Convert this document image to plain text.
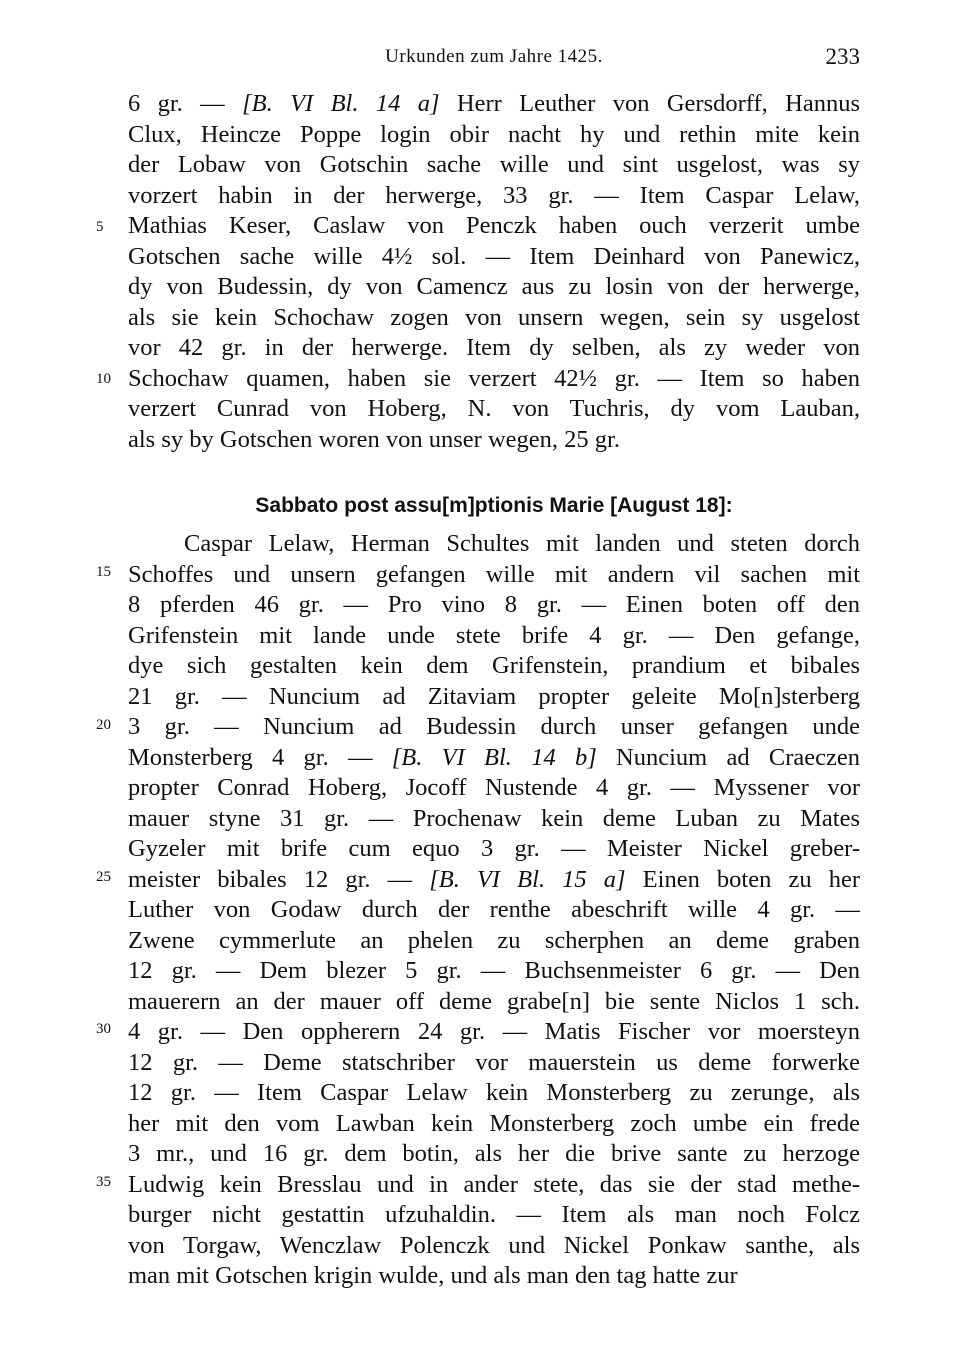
Urkunden zum Jahre 1425.	233
6 gr. — [B. VI Bl. 14 a] Herr Leuther von Gersdorff, Hannus
Clux, Heincze Poppe login obir nacht hy und rethin mite kein
der Lobaw von Gotschin sache wille und sint usgelost, was sy
vorzert habin in der herwerge, 33 gr. — Item Caspar Lelaw,
Mathias Keser, Caslaw von Penczk haben ouch verzerit umbe
Gotschen sache wille 4½ sol. — Item Deinhard von Panewicz,
dy von Budessin, dy von Camencz aus zu losin von der herwerge,
als sie kein Schochaw zogen von unsern wegen, sein sy usgelost
vor 42 gr. in der herwerge. Item dy selben, als zy weder von
Schochaw quamen, haben sie verzert 42½ gr. — Item so haben
verzert Cunrad von Hoberg, N. von Tuchris, dy vom Lauban,
als sy by Gotschen woren von unser wegen, 25 gr.
Sabbato post assu[m]ptionis Marie [August 18]:
Caspar Lelaw, Herman Schultes mit landen und steten dorch
Schoffes und unsern gefangen wille mit andern vil sachen mit
8 pferden 46 gr. — Pro vino 8 gr. — Einen boten off den
Grifenstein mit lande unde stete brife 4 gr. — Den gefange,
dye sich gestalten kein dem Grifenstein, prandium et bibales
21 gr. — Nuncium ad Zitaviam propter geleite Mo[n]sterberg
3 gr. — Nuncium ad Budessin durch unser gefangen unde
Monsterberg 4 gr. — [B. VI Bl. 14 b] Nuncium ad Craeczen
propter Conrad Hoberg, Jocoff Nustende 4 gr. — Myssener vor
mauer styne 31 gr. — Prochenaw kein deme Luban zu Mates
Gyzeler mit brife cum equo 3 gr. — Meister Nickel greber-
meister bibales 12 gr. — [B. VI Bl. 15 a] Einen boten zu her
Luther von Godaw durch der renthe abeschrift wille 4 gr. —
Zwene cymmerlute an phelen zu scherphen an deme graben
12 gr. — Dem blezer 5 gr. — Buchsenmeister 6 gr. — Den
mauerern an der mauer off deme grabe[n] bie sente Niclos 1 sch.
4 gr. — Den oppherern 24 gr. — Matis Fischer vor moersteyn
12 gr. — Deme statschriber vor mauerstein us deme forwerke
12 gr. — Item Caspar Lelaw kein Monsterberg zu zerunge, als
her mit den vom Lawban kein Monsterberg zoch umbe ein frede
3 mr., und 16 gr. dem botin, als her die brive sante zu herzoge
Ludwig kein Bresslau und in ander stete, das sie der stad methe-
burger nicht gestattin ufzuhaldin. — Item als man noch Folcz
von Torgaw, Wenczlaw Polenczk und Nickel Ponkaw santhe, als
man mit Gotschen krigin wulde, und als man den tag hatte zur
5
10
15
20
25
30
35
